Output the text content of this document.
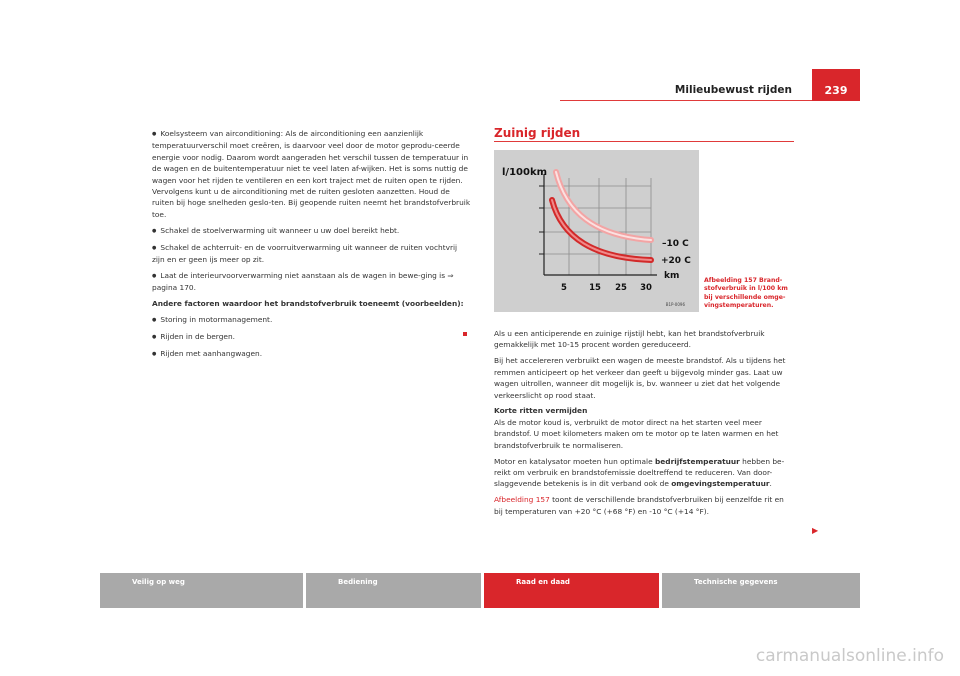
Milieubewust rijden	239

● Koelsysteem van airconditioning: Als de airconditioning een aanzienlijk temperatuurverschil moet creëren, is daarvoor veel door de motor geprodu-ceerde energie voor nodig. Daarom wordt aangeraden het verschil tussen de temperatuur in de wagen en de buitentemperatuur niet te veel laten af-wijken. Het is soms nuttig de wagen voor het rijden te ventileren en een kort traject met de ruiten open te rijden. Vervolgens kunt u de airconditioning met de ruiten gesloten aanzetten. Houd de ruiten bij hoge snelheden geslo-ten. Bij geopende ruiten neemt het brandstofverbruik toe.

● Schakel de stoelverwarming uit wanneer u uw doel bereikt hebt.

● Schakel de achterruit- en de voorruitverwarming uit wanneer de ruiten vochtvrij zijn en er geen ijs meer op zit.

● Laat de interieurvoorverwarming niet aanstaan als de wagen in bewe-ging is ⇒ pagina 170.

Andere factoren waardoor het brandstofverbruik toeneemt (voorbeelden):

● Storing in motormanagement.

● Rijden in de bergen.

● Rijden met aanhangwagen.

Zuinig rijden
l/100km
–10 C
+20 C
km
5	15 25 30
B1P-0096
Afbeelding 157 Brand-stofverbruik in l/100 km bij verschillende omge-vingstemperaturen.

Als u een anticiperende en zuinige rijstijl hebt, kan het brandstofverbruik gemakkelijk met 10-15 procent worden gereduceerd.

Bij het accelereren verbruikt een wagen de meeste brandstof. Als u tijdens het remmen anticipeert op het verkeer dan geeft u bijgevolg minder gas. Laat uw wagen uitrollen, wanneer dit mogelijk is, bv. wanneer u ziet dat het volgende verkeerslicht op rood staat.

Korte ritten vermijden

Als de motor koud is, verbruikt de motor direct na het starten veel meer brandstof. U moet kilometers maken om te motor op te laten warmen en het brandstofverbruik te normaliseren.

Motor en katalysator moeten hun optimale bedrijfstemperatuur hebben be-reikt om verbruik en brandstofemissie doeltreffend te reduceren. Van door-slaggevende betekenis is in dit verband ook de omgevingstemperatuur.

Afbeelding 157 toont de verschillende brandstofverbruiken bij eenzelfde rit en bij temperaturen van +20 °C (+68 °F) en -10 °C (+14 °F).

▶
Veilig op weg	Bediening	Raad en daad	Technische gegevens
carmanualsonline.info
